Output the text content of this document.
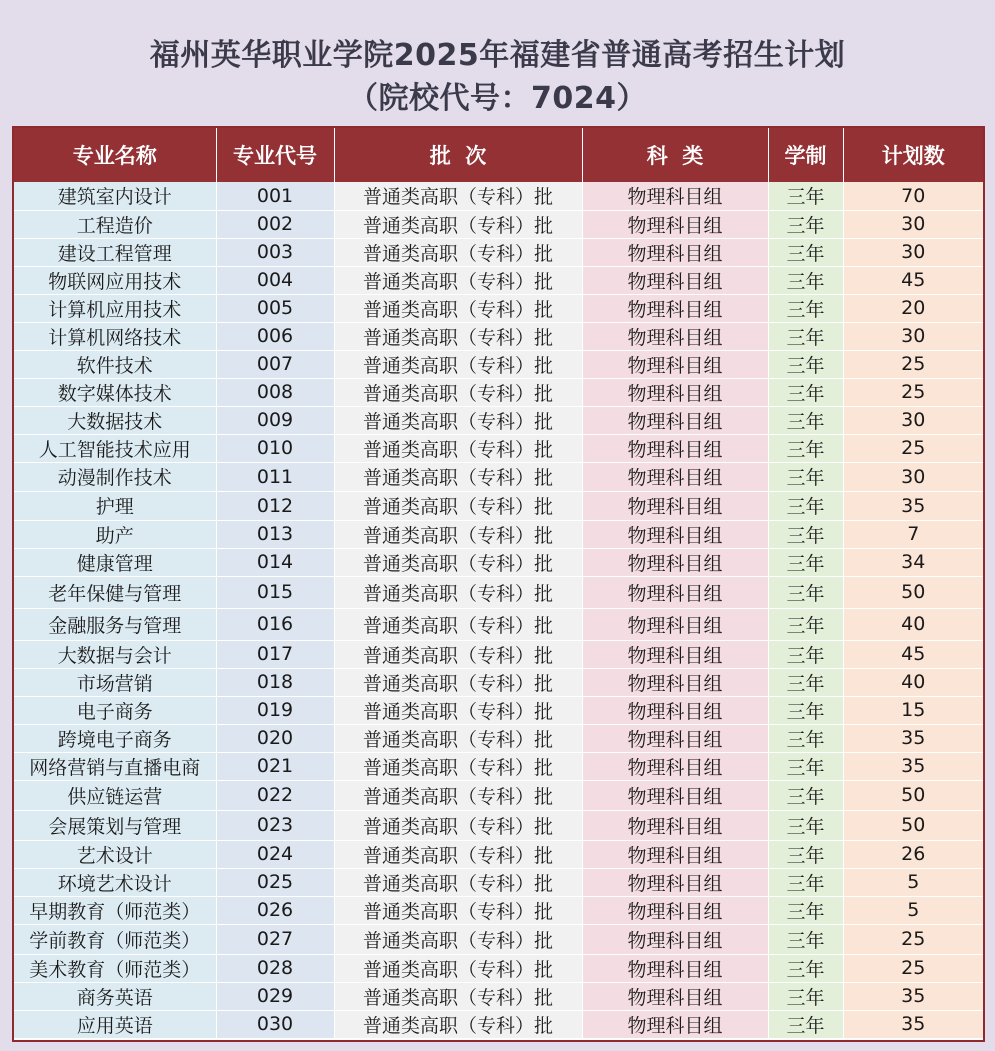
福州英华职业学院2025年福建省普通高考招生计划
（院校代号：7024）
专业名称	专业代号	批  次	科  类	学制	计划数
建筑室内设计	001	普通类高职（专科）批	物理科目组	三年	70
工程造价	002	普通类高职（专科）批	物理科目组	三年	30
建设工程管理	003	普通类高职（专科）批	物理科目组	三年	30
物联网应用技术	004	普通类高职（专科）批	物理科目组	三年	45
计算机应用技术	005	普通类高职（专科）批	物理科目组	三年	20
计算机网络技术	006	普通类高职（专科）批	物理科目组	三年	30
软件技术	007	普通类高职（专科）批	物理科目组	三年	25
数字媒体技术	008	普通类高职（专科）批	物理科目组	三年	25
大数据技术	009	普通类高职（专科）批	物理科目组	三年	30
人工智能技术应用	010	普通类高职（专科）批	物理科目组	三年	25
动漫制作技术	011	普通类高职（专科）批	物理科目组	三年	30
护理	012	普通类高职（专科）批	物理科目组	三年	35
助产	013	普通类高职（专科）批	物理科目组	三年	7
健康管理	014	普通类高职（专科）批	物理科目组	三年	34
老年保健与管理	015	普通类高职（专科）批	物理科目组	三年	50
金融服务与管理	016	普通类高职（专科）批	物理科目组	三年	40
大数据与会计	017	普通类高职（专科）批	物理科目组	三年	45
市场营销	018	普通类高职（专科）批	物理科目组	三年	40
电子商务	019	普通类高职（专科）批	物理科目组	三年	15
跨境电子商务	020	普通类高职（专科）批	物理科目组	三年	35
网络营销与直播电商	021	普通类高职（专科）批	物理科目组	三年	35
供应链运营	022	普通类高职（专科）批	物理科目组	三年	50
会展策划与管理	023	普通类高职（专科）批	物理科目组	三年	50
艺术设计	024	普通类高职（专科）批	物理科目组	三年	26
环境艺术设计	025	普通类高职（专科）批	物理科目组	三年	5
早期教育（师范类）	026	普通类高职（专科）批	物理科目组	三年	5
学前教育（师范类）	027	普通类高职（专科）批	物理科目组	三年	25
美术教育（师范类）	028	普通类高职（专科）批	物理科目组	三年	25
商务英语	029	普通类高职（专科）批	物理科目组	三年	35
应用英语	030	普通类高职（专科）批	物理科目组	三年	35
